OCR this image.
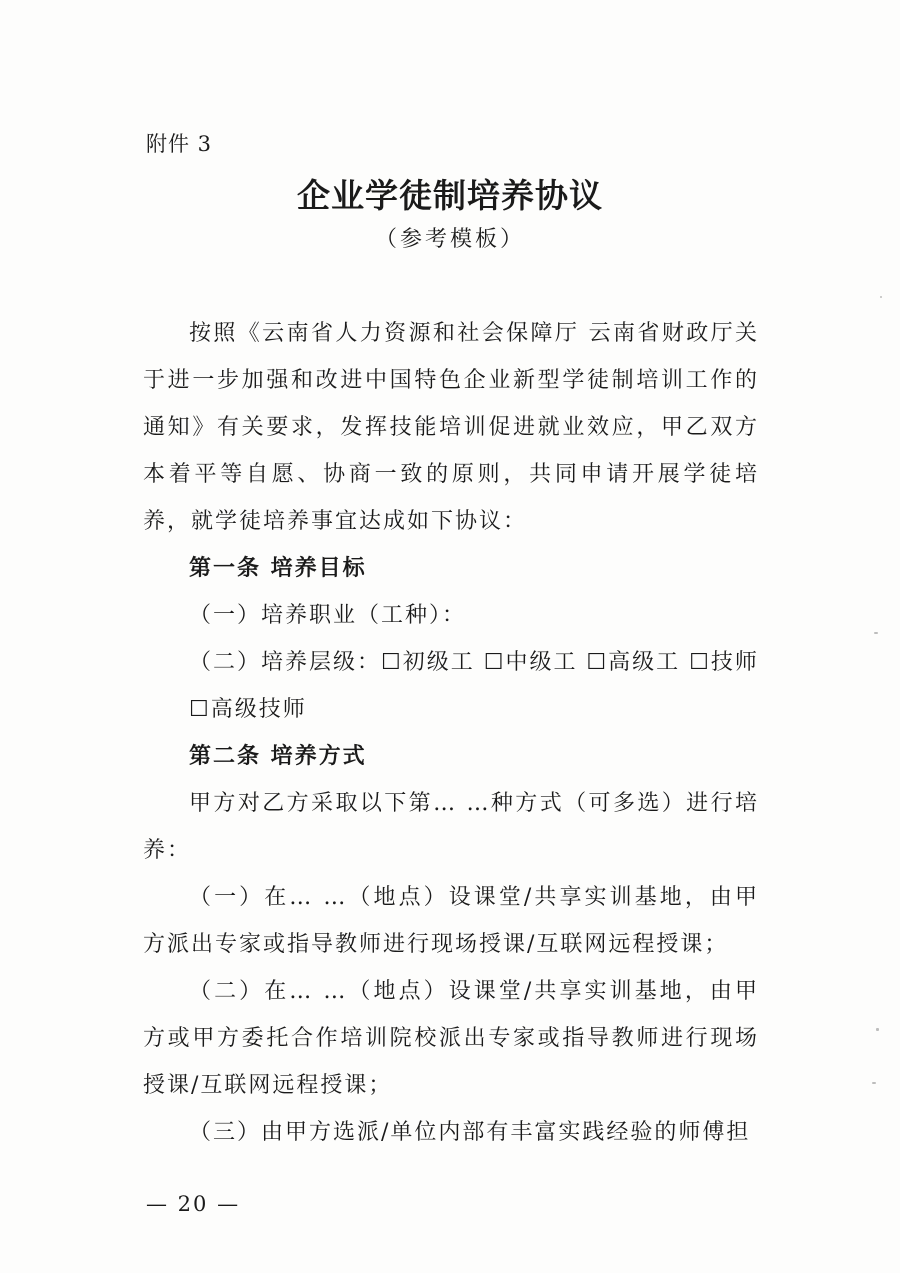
附件 3
企业学徒制培养协议
（参考模板）

按照《云南省人力资源和社会保障厅 云南省财政厅关于进一步加强和改进中国特色企业新型学徒制培训工作的通知》有关要求，发挥技能培训促进就业效应，甲乙双方本着平等自愿、协商一致的原则，共同申请开展学徒培养，就学徒培养事宜达成如下协议：

第一条 培养目标

（一）培养职业（工种）：

（二）培养层级：☐初级工 ☐中级工 ☐高级工 ☐技师

☐高级技师

第二条 培养方式

甲方对乙方采取以下第… …种方式（可多选）进行培养：

（一）在… …（地点）设课堂/共享实训基地，由甲方派出专家或指导教师进行现场授课/互联网远程授课；

（二）在… …（地点）设课堂/共享实训基地，由甲方或甲方委托合作培训院校派出专家或指导教师进行现场授课/互联网远程授课；

（三）由甲方选派/单位内部有丰富实践经验的师傅担

— 20 —
